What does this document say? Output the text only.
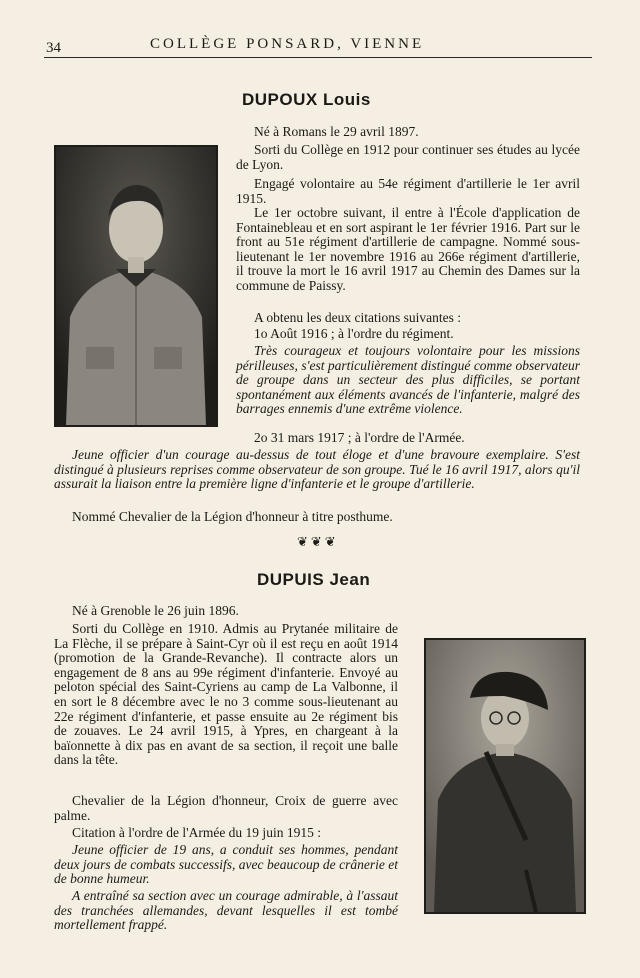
34	COLLÈGE PONSARD, VIENNE
DUPOUX Louis

Né à Romans le 29 avril 1897.

Sorti du Collège en 1912 pour continuer ses études au lycée de Lyon.

Engagé volontaire au 54e régiment d'artillerie le 1er avril 1915.

Le 1er octobre suivant, il entre à l'École d'application de Fontainebleau et en sort aspirant le 1er février 1916. Part sur le front au 51e régiment d'artillerie de campagne. Nommé sous-lieutenant le 1er novembre 1916 au 266e régiment d'artillerie, il trouve la mort le 16 avril 1917 au Chemin des Dames sur la commune de Paissy.

A obtenu les deux citations suivantes :

1o Août 1916 ; à l'ordre du régiment.

Très courageux et toujours volontaire pour les missions périlleuses, s'est particulièrement distingué comme observateur de groupe dans un secteur des plus difficiles, se portant spontanément aux éléments avancés de l'infanterie, malgré des barrages ennemis d'une extrême violence.

2o 31 mars 1917 ; à l'ordre de l'Armée.

Jeune officier d'un courage au-dessus de tout éloge et d'une bravoure exemplaire. S'est distingué à plusieurs reprises comme observateur de son groupe. Tué le 16 avril 1917, alors qu'il assurait la liaison entre la première ligne d'infanterie et le groupe d'artillerie.

Nommé Chevalier de la Légion d'honneur à titre posthume.

❦❦❦
DUPUIS Jean

Né à Grenoble le 26 juin 1896.

Sorti du Collège en 1910. Admis au Prytanée militaire de La Flèche, il se prépare à Saint-Cyr où il est reçu en août 1914 (promotion de la Grande-Revanche). Il contracte alors un engagement de 8 ans au 99e régiment d'infanterie. Envoyé au peloton spécial des Saint-Cyriens au camp de La Valbonne, il en sort le 8 décembre avec le no 3 comme sous-lieutenant au 22e régiment d'infanterie, et passe ensuite au 2e régiment bis de zouaves. Le 24 avril 1915, à Ypres, en chargeant à la baïonnette à dix pas en avant de sa section, il reçoit une balle dans la tête.

Chevalier de la Légion d'honneur, Croix de guerre avec palme.

Citation à l'ordre de l'Armée du 19 juin 1915 :

Jeune officier de 19 ans, a conduit ses hommes, pendant deux jours de combats successifs, avec beaucoup de crânerie et de bonne humeur.

A entraîné sa section avec un courage admirable, à l'assaut des tranchées allemandes, devant lesquelles il est tombé mortellement frappé.
